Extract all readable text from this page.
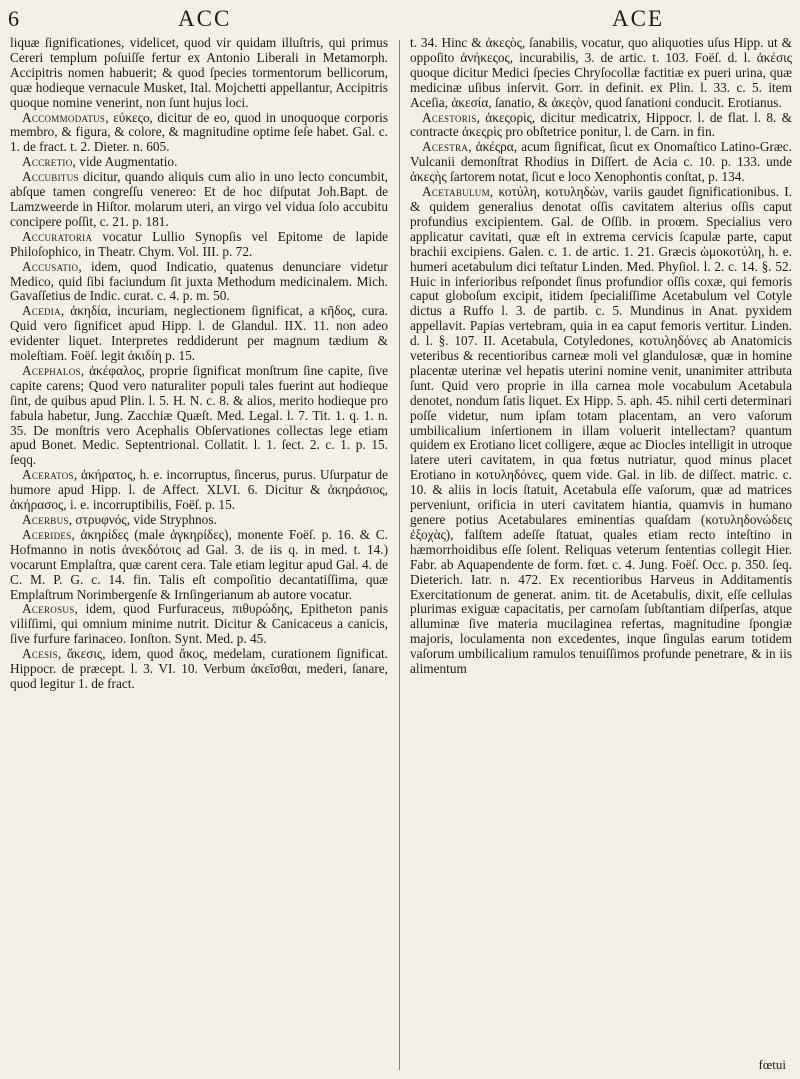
6	ACC	ACE

liquæ ſignificationes, videlicet, quod vir quidam illuſtris, qui primus Cereri templum poſuiſſe fertur ex Antonio Liberali in Metamorph. Accipitris nomen habuerit; & quod ſpecies tormentorum bellicorum, quæ hodieque vernacule Musket, Ital. Mojchetti appellantur, Accipitris quoque nomine venerint, non ſunt hujus loci.

Accommodatus, εὐκεςⲟ, dicitur de eo, quod in unoquoque corporis membro, & figura, & colore, & magnitudine optime ſeſe habet. Gal. c. 1. de fract. t. 2. Dieter. n. 605.

Accretio, vide Augmentatio.

Accubitus dicitur, quando aliquis cum alio in uno lecto concumbit, abſque tamen congreſſu venereo: Et de hoc diſputat Joh.Bapt. de Lamzweerde in Hiſtor. molarum uteri, an virgo vel vidua ſolo accubitu concipere poſſit, c. 21. p. 181.

Accuratoria vocatur Lullio Synopſis vel Epitome de lapide Philoſophico, in Theatr. Chym. Vol. III. p. 72.

Accusatio, idem, quod Indicatio, quatenus denunciare videtur Medico, quid ſibi faciundum ſit juxta Methodum medicinalem. Mich. Gavaſſetius de Indic. curat. c. 4. p. m. 50.

Acedia, ἀκηδία, incuriam, neglectionem ſignificat, a κῆδος, cura. Quid vero ſignificet apud Hipp. l. de Glandul. IIX. 11. non adeo evidenter liquet. Interpretes reddiderunt per magnum tædium & moleſtiam. Foëſ. legit ἀκιδίη p. 15.

Acephalos, ἀκέφαλος, proprie ſignificat monſtrum ſine capite, ſive capite carens; Quod vero naturaliter populi tales fuerint aut hodieque ſint, de quibus apud Plin. l. 5. H. N. c. 8. & alios, merito hodieque pro fabula habetur, Jung. Zacchiæ Quæſt. Med. Legal. l. 7. Tit. 1. q. 1. n. 35. De monſtris vero Acephalis Obſervationes collectas lege etiam apud Bonet. Medic. Septentrional. Collatit. l. 1. ſect. 2. c. 1. p. 15. ſeqq.

Aceratos, ἀκήρατος, h. e. incorruptus, ſincerus, purus. Uſurpatur de humore apud Hipp. l. de Affect. XLVI. 6. Dicitur & ἀκηράσιος, ἀκήρασος, i. e. incorruptibilis, Foëſ. p. 15.

Acerbus, στρυφνός, vide Stryphnos.

Acerides, ἀκηρίδες (male ἀγκηρίδες), monente Foëſ. p. 16. & C. Hofmanno in notis ἀνεκδότοις ad Gal. 3. de iis q. in med. t. 14.) vocarunt Emplaſtra, quæ carent cera. Tale etiam legitur apud Gal. 4. de C. M. P. G. c. 14. fin. Talis eſt compoſitio decantatiſſima, quæ Emplaſtrum Norimbergenſe & Irnſingerianum ab autore vocatur.

Acerosus, idem, quod Furfuraceus, πιθυρώδης, Epitheton panis viliſſimi, qui omnium minime nutrit. Dicitur & Canicaceus a canicis, ſive furfure farinaceo. Ionſton. Synt. Med. p. 45.

Acesis, ἄκεσις, idem, quod ἄκος, medelam, curationem ſignificat. Hippocr. de præcept. l. 3. VI. 10. Verbum ἀκεῖσθαι, mederi, ſanare, quod legitur 1. de fract.

t. 34. Hinc & ἀκεςὸς, ſanabilis, vocatur, quo aliquoties uſus Hipp. ut & oppoſito ἀνήκεςος, incurabilis, 3. de artic. t. 103. Foëſ. d. l. ἀκέσις quoque dicitur Medici ſpecies Chryſocollæ factitiæ ex pueri urina, quæ medicinæ uſibus inſervit. Gorr. in definit. ex Plin. l. 33. c. 5. item Aceſia, ἀκεσία, ſanatio, & ἀκεςὸν, quod ſanationi conducit. Erotianus.

Acestoris, ἀκεςορὶς, dicitur medicatrix, Hippocr. l. de flat. l. 8. & contracte ἀκεςρὶς pro obſtetrice ponitur, l. de Carn. in fin.

Acestra, ἀκέςρα, acum ſignificat, ſicut ex Onomaſtico Latino-Græc. Vulcanii demonſtrat Rhodius in Diſſert. de Acia c. 10. p. 133. unde ἀκεςὴς ſartorem notat, ſicut e loco Xenophontis conſtat, p. 134.

Acetabulum, κοτύλη, κοτυληδὼν, variis gaudet ſignificationibus. I. & quidem generalius denotat oſſis cavitatem alterius oſſis caput profundius excipientem. Gal. de Oſſib. in proœm. Specialius vero applicatur cavitati, quæ eſt in extrema cervicis ſcapulæ parte, caput brachii excipiens. Galen. c. 1. de artic. 1. 21. Græcis ὡμοκοτύλη, h. e. humeri acetabulum dici teſtatur Linden. Med. Phyſiol. l. 2. c. 14. §. 52. Huic in inferioribus reſpondet ſinus profundior oſſis coxæ, qui femoris caput globoſum excipit, itidem ſpecialiſſime Acetabulum vel Cotyle dictus a Ruffo l. 3. de partib. c. 5. Mundinus in Anat. pyxidem appellavit. Papias vertebram, quia in ea caput femoris vertitur. Linden. d. l. §. 107. II. Acetabula, Cotyledones, κοτυληδόνες ab Anatomicis veteribus & recentioribus carneæ moli vel glandulosæ, quæ in homine placentæ uterinæ vel hepatis uterini nomine venit, unanimiter attributa ſunt. Quid vero proprie in illa carnea mole vocabulum Acetabula denotet, nondum ſatis liquet. Ex Hipp. 5. aph. 45. nihil certi determinari poſſe videtur, num ipſam totam placentam, an vero vaſorum umbilicalium inſertionem in illam voluerit intellectam? quantum quidem ex Erotiano licet colligere, æque ac Diocles intelligit in utroque latere uteri cavitatem, in qua fœtus nutriatur, quod minus placet Erotiano in κοτυληδόνες, quem vide. Gal. in lib. de diſſect. matric. c. 10. & aliis in locis ſtatuit, Acetabula eſſe vaſorum, quæ ad matrices perveniunt, orificia in uteri cavitatem hiantia, quamvis in humano genere potius Acetabulares eminentias quaſdam (κοτυληδονώδεις ἐξοχὰς), falſtem adeſſe ſtatuat, quales etiam recto inteſtino in hæmorrhoidibus eſſe ſolent. Reliquas veterum ſententias collegit Hier. Fabr. ab Aquapendente de form. fœt. c. 4. Jung. Foëſ. Occ. p. 350. ſeq. Dieterich. Iatr. n. 472. Ex recentioribus Harveus in Additamentis Exercitationum de generat. anim. tit. de Acetabulis, dixit, eſſe cellulas plurimas exiguæ capacitatis, per carnoſam ſubſtantiam diſperſas, atque alluminæ ſive materia mucilaginea refertas, magnitudine ſpongiæ majoris, loculamenta non excedentes, inque ſingulas earum totidem vaſorum umbilicalium ramulos tenuiſſimos profunde penetrare, & in iis alimentum

fœtui
